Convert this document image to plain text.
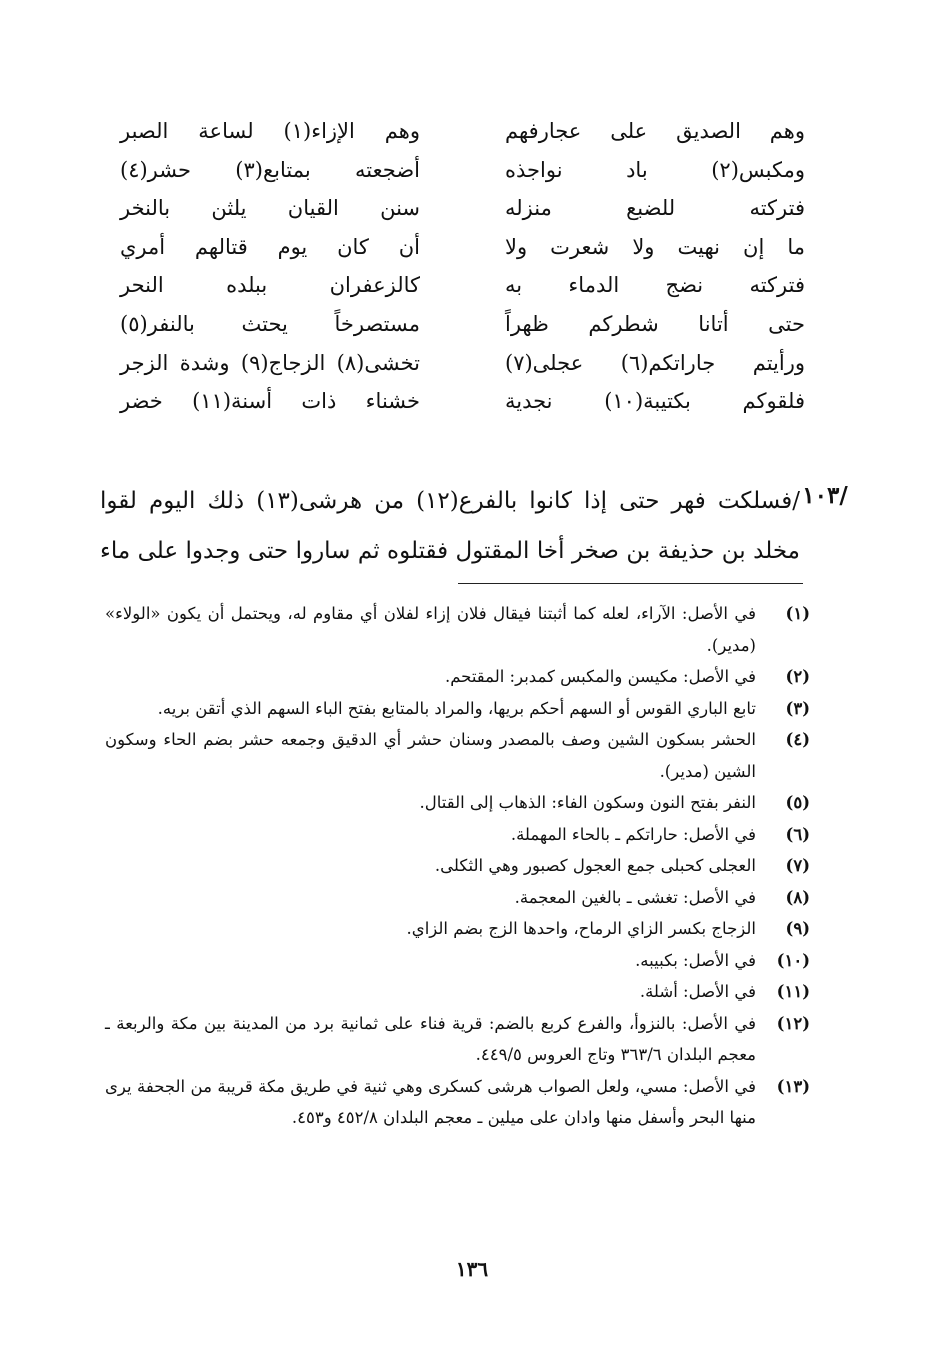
وهم الصديق على عجارفهم
ومكبس(٢) باد نواجذه
فتركته للضبع منزله
ما إن نهيت ولا شعرت ولا
فتركته نضج الدماء به
حتى أتانا شطركم ظهراً
ورأيتم جاراتكم(٦) عجلى(٧)
فلقوكم بكتيبة(١٠) نجدية
وهم الإزاء(١) لساعة الصبر
أضجعته بمتابع(٣) حشر(٤)
سنن القيان يلثن بالنخر
أن كان يوم قتالهم أمري
كالزعفران ببلده النحر
مستصرخاً يحتث بالنفر(٥)
تخشى(٨) الزجاج(٩) وشدة الزجر
خشناء ذات أسنة(١١) خضر
/١٠٣
/فسلكت فهر حتى إذا كانوا بالفرع(١٢) من هرشى(١٣) ذلك اليوم لقوا مخلد بن حذيفة بن صخر أخا المقتول فقتلوه ثم ساروا حتى وجدوا على ماء
(١)
في الأصل: الآراء، لعله كما أثبتنا فيقال فلان إزاء لفلان أي مقاوم له، ويحتمل أن يكون «الولاء» (مدير).
(٢)
في الأصل: مكيسن والمكبس كمدبر: المقتحم.
(٣)
تابع الباري القوس أو السهم أحكم بريها، والمراد بالمتابع بفتح الباء السهم الذي أتقن بريه.
(٤)
الحشر بسكون الشين وصف بالمصدر وسنان حشر أي الدقيق وجمعه حشر بضم الحاء وسكون الشين (مدير).
(٥)
النفر بفتح النون وسكون الفاء: الذهاب إلى القتال.
(٦)
في الأصل: حاراتكم ـ بالحاء المهملة.
(٧)
العجلى كحبلى جمع العجول كصبور وهي الثكلى.
(٨)
في الأصل: تغشى ـ بالغين المعجمة.
(٩)
الزجاج بكسر الزاي الرماح، واحدها الزج بضم الزاي.
(١٠)
في الأصل: بكبيبه.
(١١)
في الأصل: أشلة.
(١٢)
في الأصل: بالنزوأ، والفرع كربع بالضم: قرية فناء على ثمانية برد من المدينة بين مكة والربعة ـ معجم البلدان ٣٦٣/٦ وتاج العروس ٤٤٩/٥.
(١٣)
في الأصل: مسي، ولعل الصواب هرشى كسكرى وهي ثنية في طريق مكة قريبة من الجحفة يرى منها البحر وأسفل منها وادان على ميلين ـ معجم البلدان ٤٥٢/٨ و٤٥٣.
١٣٦
